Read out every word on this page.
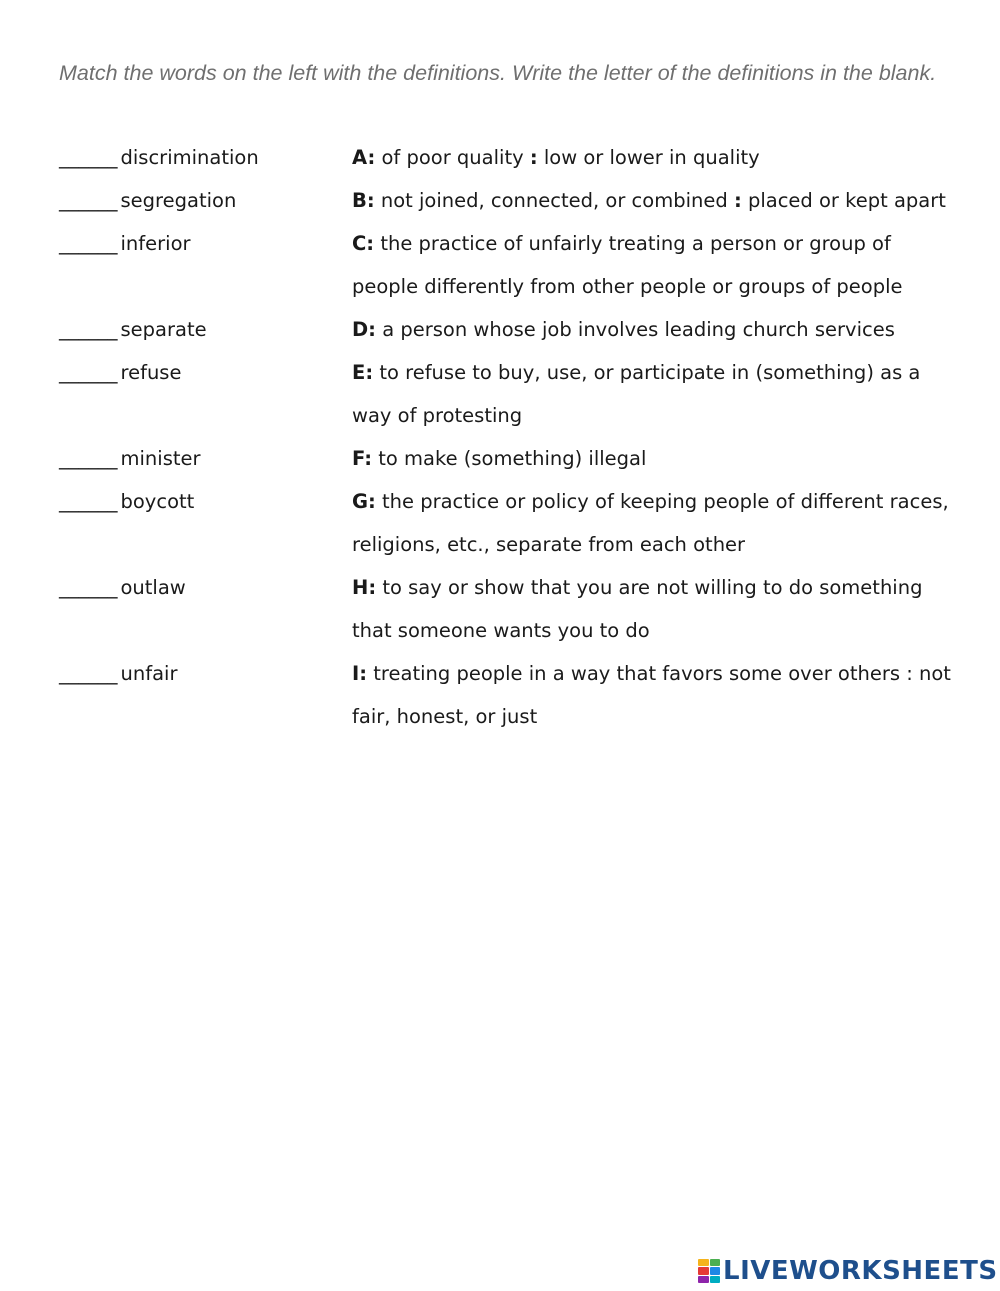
Match the words on the left with the definitions. Write the letter of the definitions in the blank.

______ discrimination	A: of poor quality : low or lower in quality
______ segregation	B: not joined, connected, or combined : placed or kept apart
______ inferior	C: the practice of unfairly treating a person or group of people differently from other people or groups of people
______ separate	D: a person whose job involves leading church services
______ refuse	E: to refuse to buy, use, or participate in (something) as a way of protesting
______ minister	F: to make (something) illegal
______ boycott	G: the practice or policy of keeping people of different races, religions, etc., separate from each other
______ outlaw	H: to say or show that you are not willing to do something that someone wants you to do
______ unfair	I: treating people in a way that favors some over others : not fair, honest, or just
LIVEWORKSHEETS
